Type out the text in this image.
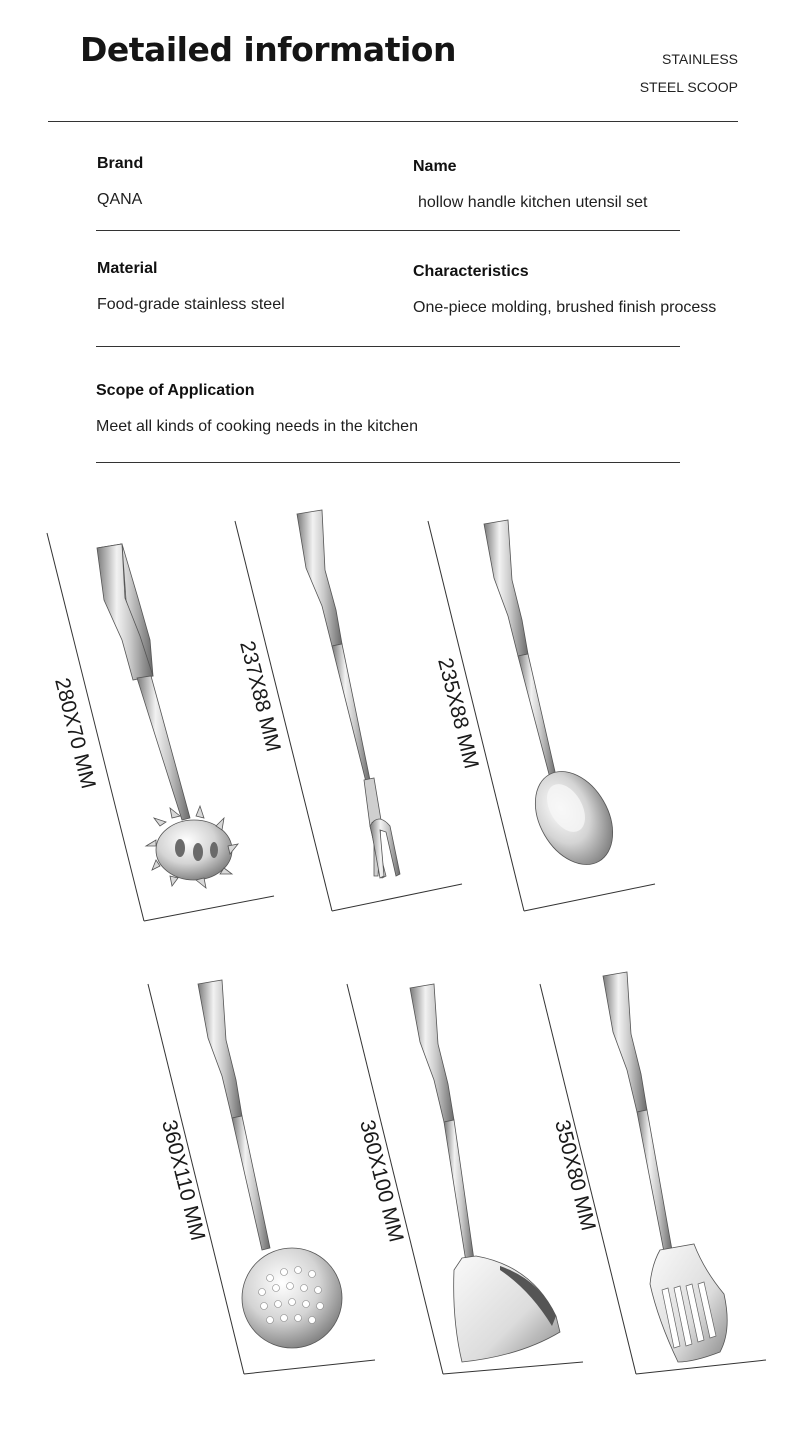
Detailed information	STAINLESS
STEEL SCOOP
Brand
QANA
Name
hollow handle kitchen utensil set
Material
Food-grade stainless steel
Characteristics
One-piece molding, brushed finish process
Scope of Application
Meet all kinds of cooking needs in the kitchen
280X70 MM	237X88 MM	235X88 MM
360X110 MM	360X100 MM	350X80 MM
